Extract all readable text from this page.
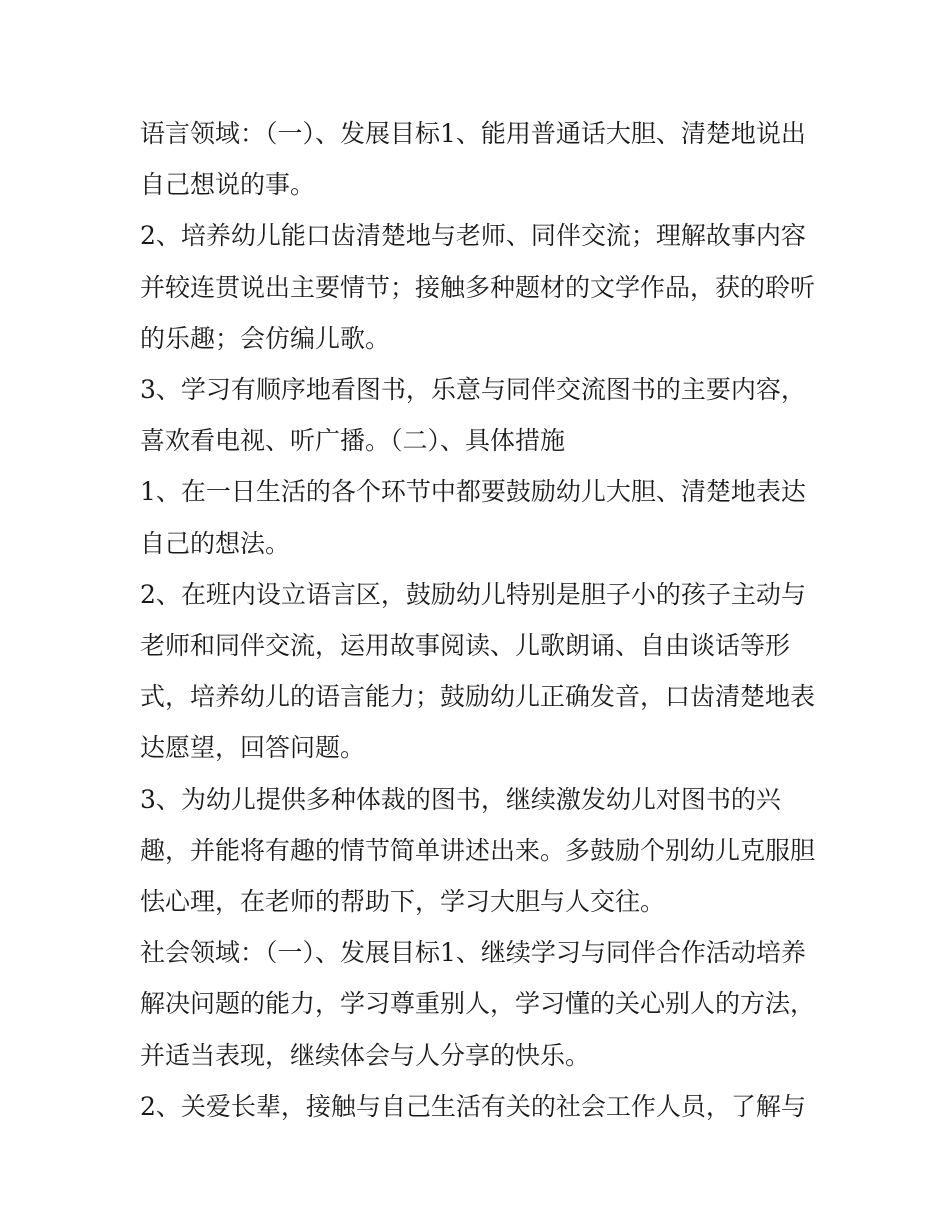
语言领域：（一）、发展目标1、能用普通话大胆、清楚地说出自己想说的事。

2、培养幼儿能口齿清楚地与老师、同伴交流；理解故事内容并较连贯说出主要情节；接触多种题材的文学作品，获的聆听的乐趣；会仿编儿歌。

3、学习有顺序地看图书，乐意与同伴交流图书的主要内容，喜欢看电视、听广播。（二）、具体措施

1、在一日生活的各个环节中都要鼓励幼儿大胆、清楚地表达自己的想法。

2、在班内设立语言区，鼓励幼儿特别是胆子小的孩子主动与老师和同伴交流，运用故事阅读、儿歌朗诵、自由谈话等形式，培养幼儿的语言能力；鼓励幼儿正确发音，口齿清楚地表达愿望，回答问题。

3、为幼儿提供多种体裁的图书，继续激发幼儿对图书的兴趣，并能将有趣的情节简单讲述出来。多鼓励个别幼儿克服胆怯心理，在老师的帮助下，学习大胆与人交往。

社会领域：（一）、发展目标1、继续学习与同伴合作活动培养解决问题的能力，学习尊重别人，学习懂的关心别人的方法，并适当表现，继续体会与人分享的快乐。

2、关爱长辈，接触与自己生活有关的社会工作人员，了解与
